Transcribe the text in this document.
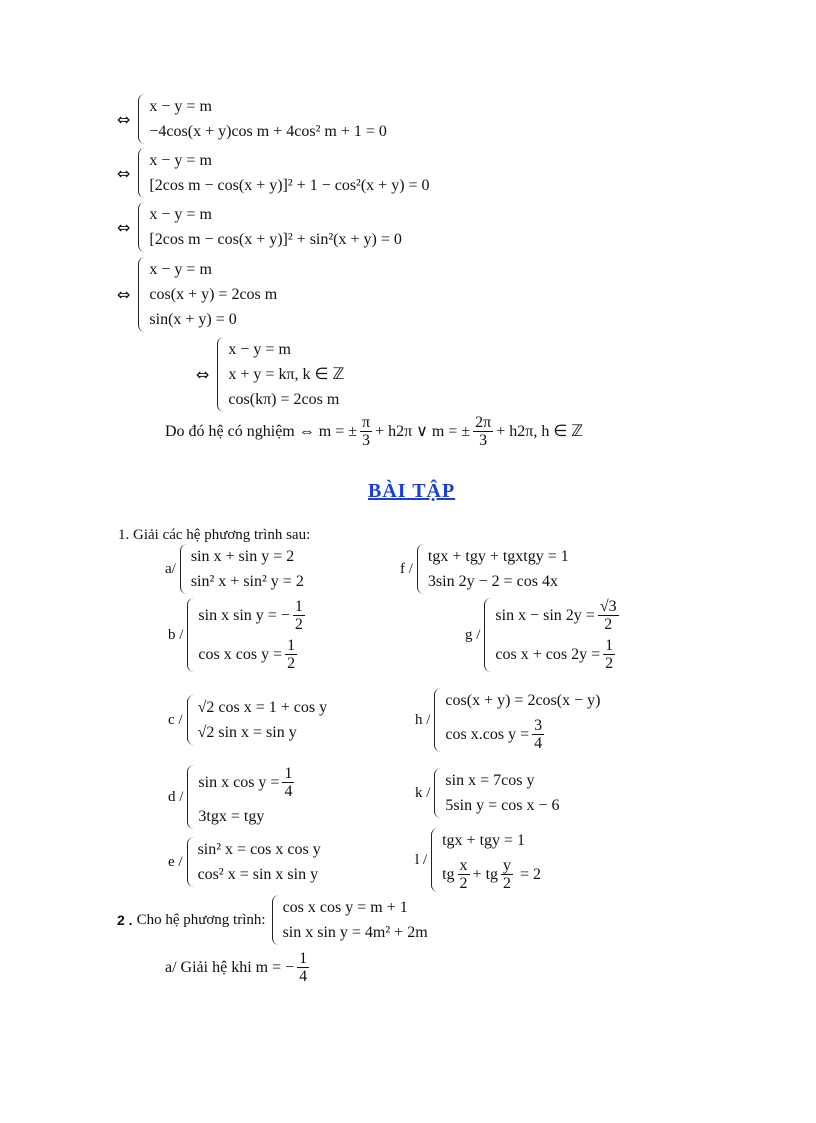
⇔
x − y = m
−4cos(x + y)cos m + 4cos² m + 1 = 0
⇔
x − y = m
[2cos m − cos(x + y)]² + 1 − cos²(x + y) = 0
⇔
x − y = m
[2cos m − cos(x + y)]² + sin²(x + y) = 0
⇔
x − y = m
cos(x + y) = 2cos m
sin(x + y) = 0
⇔
x − y = m
x + y = kπ, k ∈ ℤ
cos(kπ) = 2cos m
Do đó hệ có nghiệm ⇔ m = ± $\frac{\pi}{3} + h2\pi$ ∨ m = ± $\frac{2\pi}{3} + h2\pi$, h ∈ ℤ
BÀI TẬP
1. Giải các hệ phương trình sau:
a/
sin x + sin y = 2
sin² x + sin² y = 2
f /
tgx + tgy + tgxtgy = 1
3sin 2y − 2 = cos 4x
b /
sin x sin y = − $\frac{1}{2}$
cos x $\cos y = \frac{1}{2}$
g /
$\sin x - \sin 2y = \frac{√3}{2}$
$\cos x + \cos 2y = \frac{1}{2}$
c /
√2 cos x = 1 + cos y
√2 sin x = sin y
h /
cos(x + y) = 2cos(x − y)
cos x.cos $y = \frac{3}{4}$
d /
sin x $\cos y = \frac{1}{4}$
3tgx = tgy
k /
sin x = 7cos y
5sin y = cos x − 6
e /
sin² x = cos x cos y
cos² x = sin x sin y
l /
tgx + tgy = 1
tg $\frac{x}{2}$ + tg $\frac{y}{2} = 2$
2 . Cho hệ phương trình:
cos x cos y = m + 1
sin x sin y = 4m² + 2m
a/ Giải hệ khi m = − $\frac{1}{4}$
